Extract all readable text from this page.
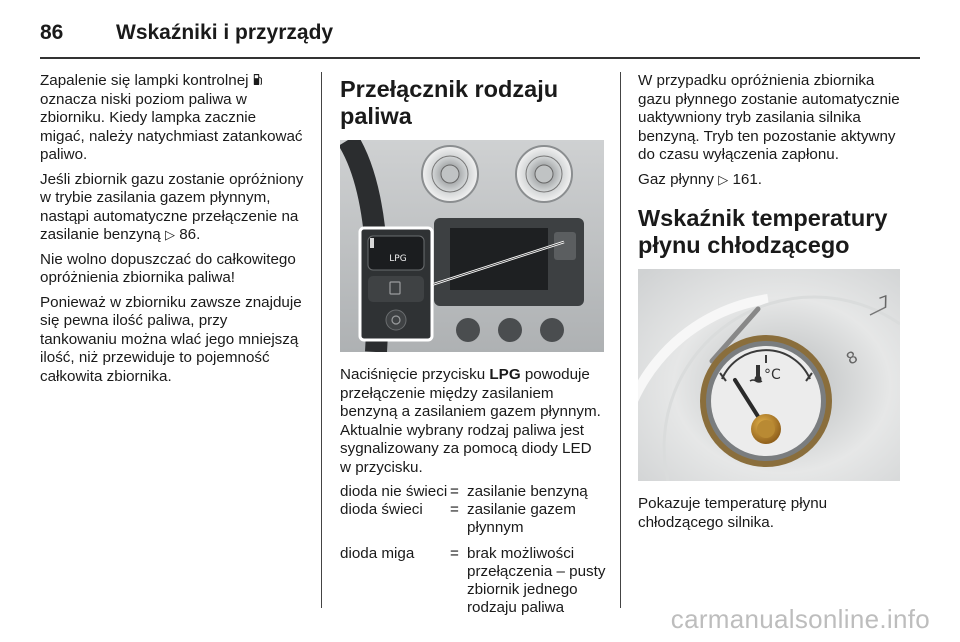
86	Wskaźniki i przyrządy

Zapalenie się lampki kontrolnej  oznacza niski poziom paliwa w zbiorniku. Kiedy lampka zacznie migać, należy natychmiast zatankować paliwo.

Jeśli zbiornik gazu zostanie opróżniony w trybie zasilania gazem płynnym, nastąpi automatyczne przełączenie na zasilanie benzyną ▷ 86.

Nie wolno dopuszczać do całkowitego opróżnienia zbiornika paliwa!

Ponieważ w zbiorniku zawsze znajduje się pewna ilość paliwa, przy tankowaniu można wlać jego mniejszą ilość, niż przewiduje to pojemność całkowita zbiornika.

Przełącznik rodzaju paliwa
LPG

Naciśnięcie przycisku LPG powoduje przełączenie między zasilaniem benzyną a zasilaniem gazem płynnym. Aktualnie wybrany rodzaj paliwa jest sygnalizowany za pomocą diody LED w przycisku.

dioda nie świeci	=	zasilanie benzyną
dioda świeci	=	zasilanie gazem płynnym
dioda miga	=	brak możliwości przełączenia – pusty zbiornik jednego rodzaju paliwa

W przypadku opróżnienia zbiornika gazu płynnego zostanie automatycznie uaktywniony tryb zasilania silnika benzyną. Tryb ten pozostanie aktywny do czasu wyłączenia zapłonu.

Gaz płynny ▷ 161.

Wskaźnik temperatury płynu chłodzącego
7
8
°C

Pokazuje temperaturę płynu chłodzącego silnika.

carmanualsonline.info
